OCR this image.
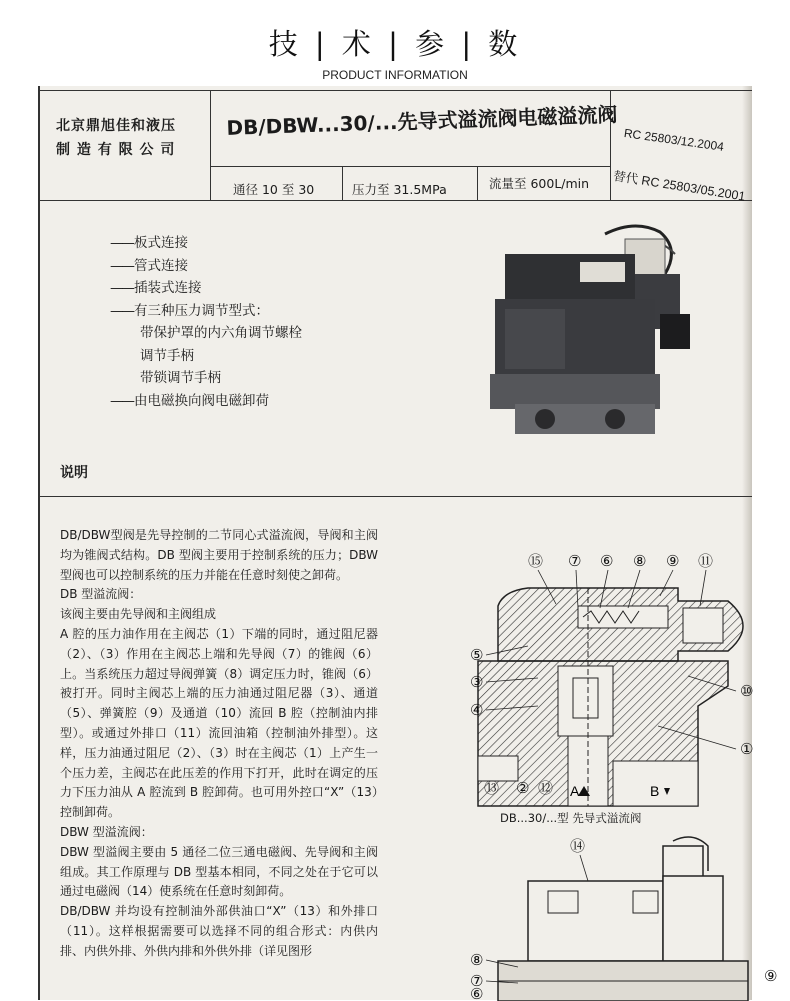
技 | 术 | 参 | 数
PRODUCT INFORMATION
北京鼎旭佳和液压
制 造 有 限 公 司
DB/DBW...30/...先导式溢流阀电磁溢流阀 RC 25803/12.2004
通径 10 至 30	压力至 31.5MPa	流量至 600L/min 替代 RC 25803/05.2001
—— 板式连接
—— 管式连接
—— 插装式连接
—— 有三种压力调节型式：
带保护罩的内六角调节螺栓
调节手柄
带锁调节手柄
—— 由电磁换向阀电磁卸荷
说明

DB/DBW型阀是先导控制的二节同心式溢流阀，导阀和主阀均为锥阀式结构。DB 型阀主要用于控制系统的压力；DBW 型阀也可以控制系统的压力并能在任意时刻使之卸荷。

DB 型溢流阀：

该阀主要由先导阀和主阀组成

A 腔的压力油作用在主阀芯（1）下端的同时，通过阻尼器（2）、（3）作用在主阀芯上端和先导阀（7）的锥阀（6）上。当系统压力超过导阀弹簧（8）调定压力时，锥阀（6）被打开。同时主阀芯上端的压力油通过阻尼器（3）、通道（5）、弹簧腔（9）及通道（10）流回 B 腔（控制油内排型）。或通过外排口（11）流回油箱（控制油外排型）。这样，压力油通过阻尼（2）、（3）时在主阀芯（1）上产生一个压力差，主阀芯在此压差的作用下打开，此时在调定的压力下压力油从 A 腔流到 B 腔卸荷。也可用外控口“X”（13）控制卸荷。

DBW 型溢流阀：

DBW 型溢阀主要由 5 通径二位三通电磁阀、先导阀和主阀组成。其工作原理与 DB 型基本相同，不同之处在于它可以通过电磁阀（14）使系统在任意时刻卸荷。

DB/DBW 并均设有控制油外部供油口“X”（13）和外排口（11）。这样根据需要可以选择不同的组合形式：内供内排、内供外排、外供内排和外供外排（详见图形

⑮ ⑦ ⑥ ⑧ ⑨ ⑪
⑤
③
④
⑩
①
⑬ ② ⑫ A	B
DB...30/...型 先导式溢流阀
⑭
⑧
⑦
⑥
⑨
